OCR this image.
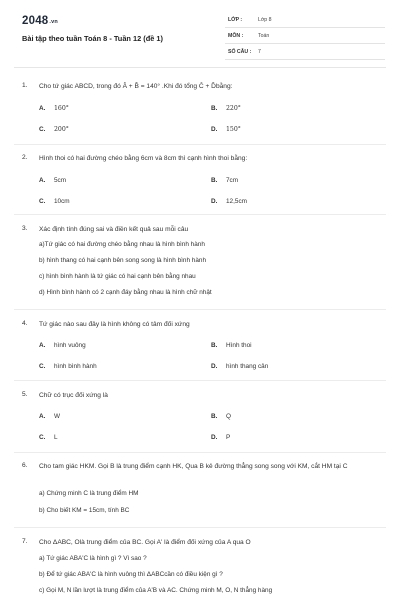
2048.vn
Bài tập theo tuần Toán 8 - Tuần 12 (đề 1)
LỚP :	Lớp 8
MÔN :	Toán
SỐ CÂU : 7
1. Cho tứ giác ABCD, trong đó Â + B̂ = 140° .Khi đó tổng Ĉ + D̂bằng:
A. 160°	B. 220°
C. 200°	D. 150°
2. Hình thoi có hai đường chéo bằng 6cm và 8cm thì cạnh hình thoi bằng:
A. 5cm	B. 7cm
C. 10cm	D. 12,5cm
3. Xác định tính đúng sai và điền kết quả sau mỗi câu
a)Tứ giác có hai đường chéo bằng nhau là hình bình hành
b) hình thang có hai cạnh bên song song là hình bình hành
c) hình bình hành là tứ giác có hai cạnh bên bằng nhau
d) Hình bình hành có 2 cạnh đáy bằng nhau là hình chữ nhật
4. Tứ giác nào sau đây là hình không có tâm đối xứng
A. hình vuông	B. Hình thoi
C. hình bình hành	D. hình thang cân
5. Chữ có trục đối xứng là
A. W	B. Q
C. L	D. P
6. Cho tam giác HKM. Gọi B là trung điểm cạnh HK, Qua B kẻ đường thẳng song song với KM, cắt HM tại C
a) Chứng minh C là trung điểm HM
b) Cho biết KM = 15cm, tính BC
7. Cho ΔABC, Olà trung điểm của BC. Gọi A' là điểm đối xứng của A qua O
a) Tứ giác ABA'C là hình gì ? Vì sao ?
b) Để tứ giác ABA'C là hình vuông thì ΔABCcần có điều kiện gì ?
c) Gọi M, N lần lượt là trung điểm của A'B và AC. Chứng minh M, O, N thẳng hàng
